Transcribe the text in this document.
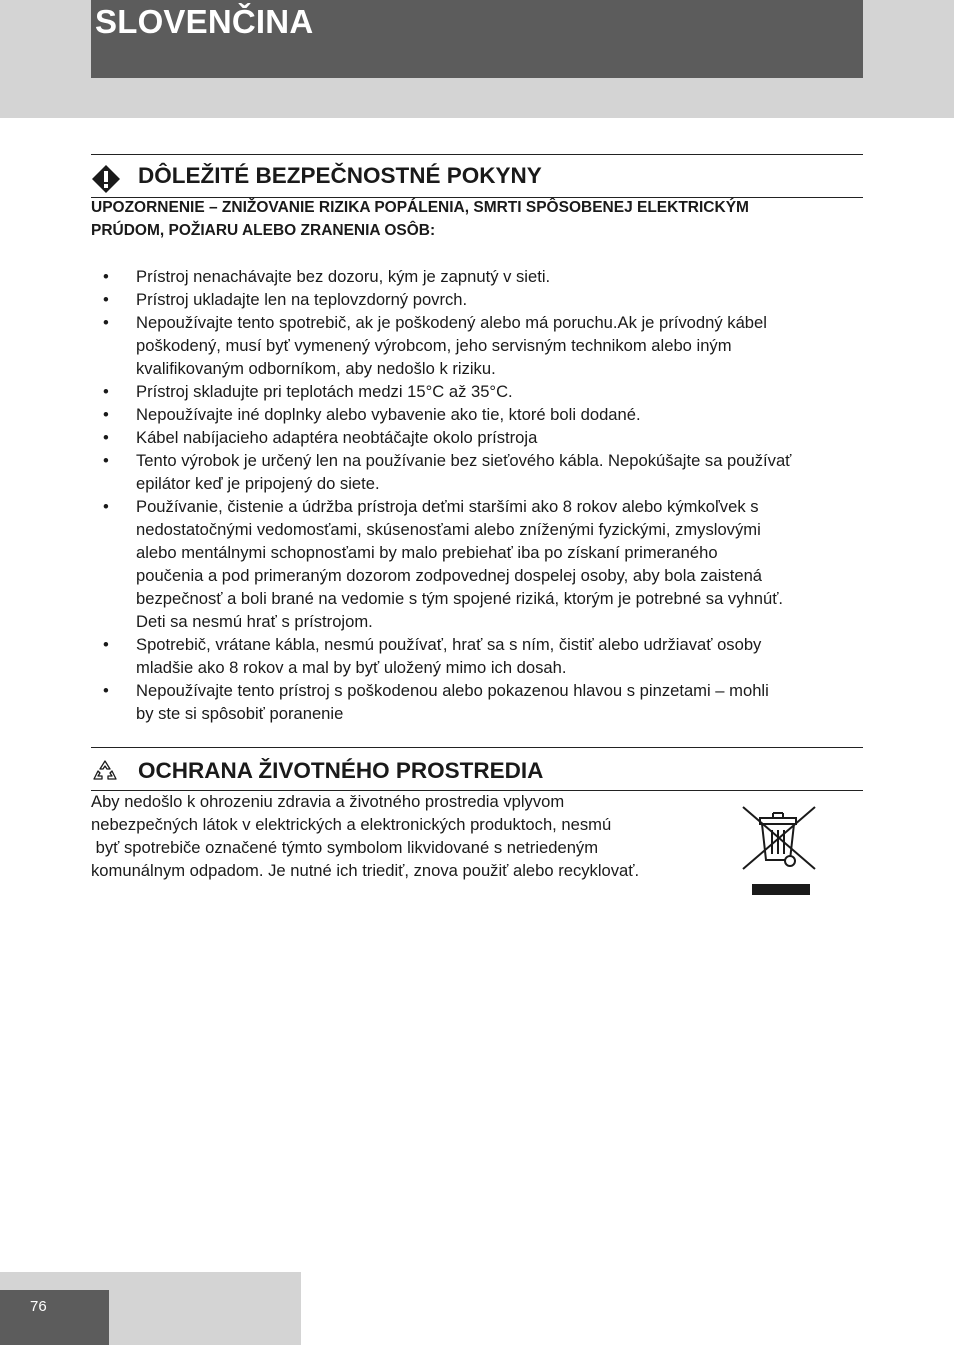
SLOVENČINA
DÔLEŽITÉ BEZPEČNOSTNÉ POKYNY

UPOZORNENIE – ZNIŽOVANIE RIZIKA POPÁLENIA, SMRTI SPÔSOBENEJ ELEKTRICKÝM
PRÚDOM, POŽIARU ALEBO ZRANENIA OSÔB:

• Prístroj nenachávajte bez dozoru, kým je zapnutý v sieti.
• Prístroj ukladajte len na teplovzdorný povrch.
• Nepoužívajte tento spotrebič, ak je poškodený alebo má poruchu.Ak je prívodný kábel
poškodený, musí byť vymenený výrobcom, jeho servisným technikom alebo iným
kvalifikovaným odborníkom, aby nedošlo k riziku.
• Prístroj skladujte pri teplotách medzi 15°C až 35°C.
• Nepoužívajte iné doplnky alebo vybavenie ako tie, ktoré boli dodané.
• Kábel nabíjacieho adaptéra neobtáčajte okolo prístroja
• Tento výrobok je určený len na používanie bez sieťového kábla. Nepokúšajte sa používať
epilátor keď je pripojený do siete.
• Používanie, čistenie a údržba prístroja deťmi staršími ako 8 rokov alebo kýmkoľvek s
nedostatočnými vedomosťami, skúsenosťami alebo zníženými fyzickými, zmyslovými
alebo mentálnymi schopnosťami by malo prebiehať iba po získaní primeraného
poučenia a pod primeraným dozorom zodpovednej dospelej osoby, aby bola zaistená
bezpečnosť a boli brané na vedomie s tým spojené riziká, ktorým je potrebné sa vyhnúť.
Deti sa nesmú hrať s prístrojom.
• Spotrebič, vrátane kábla, nesmú používať, hrať sa s ním, čistiť alebo udržiavať osoby
mladšie ako 8 rokov a mal by byť uložený mimo ich dosah.
• Nepoužívajte tento prístroj s poškodenou alebo pokazenou hlavou s pinzetami – mohli
by ste si spôsobiť poranenie
OCHRANA ŽIVOTNÉHO PROSTREDIA

Aby nedošlo k ohrozeniu zdravia a životného prostredia vplyvom
nebezpečných látok v elektrických a elektronických produktoch, nesmú
byť spotrebiče označené týmto symbolom likvidované s netriedeným
komunálnym odpadom. Je nutné ich triediť, znova použiť alebo recyklovať.

76
